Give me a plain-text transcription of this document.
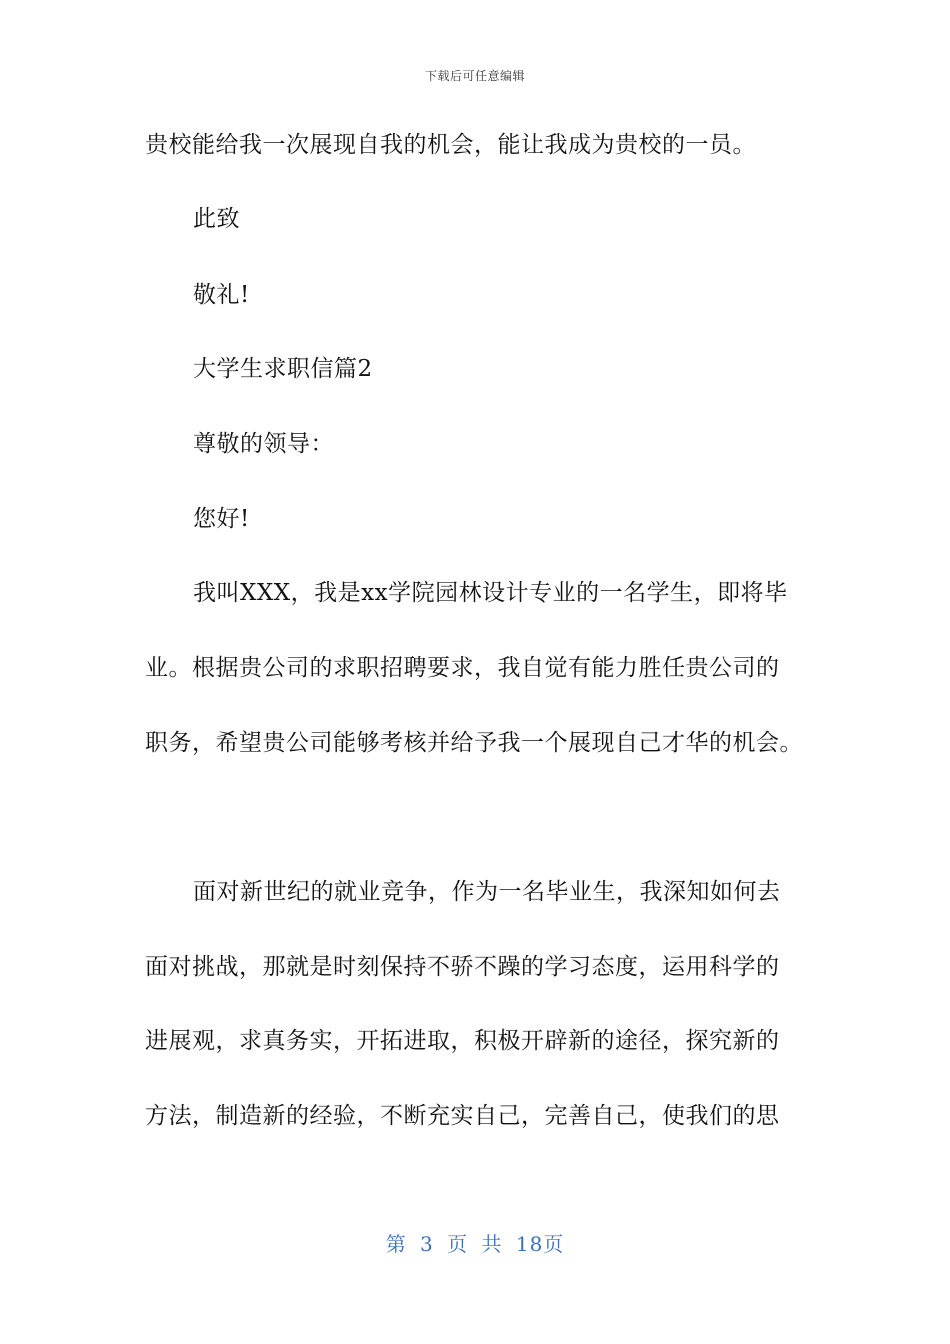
下载后可任意编辑
贵校能给我一次展现自我的机会，能让我成为贵校的一员。
此致
敬礼!
大学生求职信篇2
尊敬的领导：
您好!
我叫XXX，我是xx学院园林设计专业的一名学生，即将毕
业。根据贵公司的求职招聘要求，我自觉有能力胜任贵公司的
职务，希望贵公司能够考核并给予我一个展现自己才华的机会。
面对新世纪的就业竞争，作为一名毕业生，我深知如何去
面对挑战，那就是时刻保持不骄不躁的学习态度，运用科学的
进展观，求真务实，开拓进取，积极开辟新的途径，探究新的
方法，制造新的经验，不断充实自己，完善自己，使我们的思
第 3 页 共 18页
